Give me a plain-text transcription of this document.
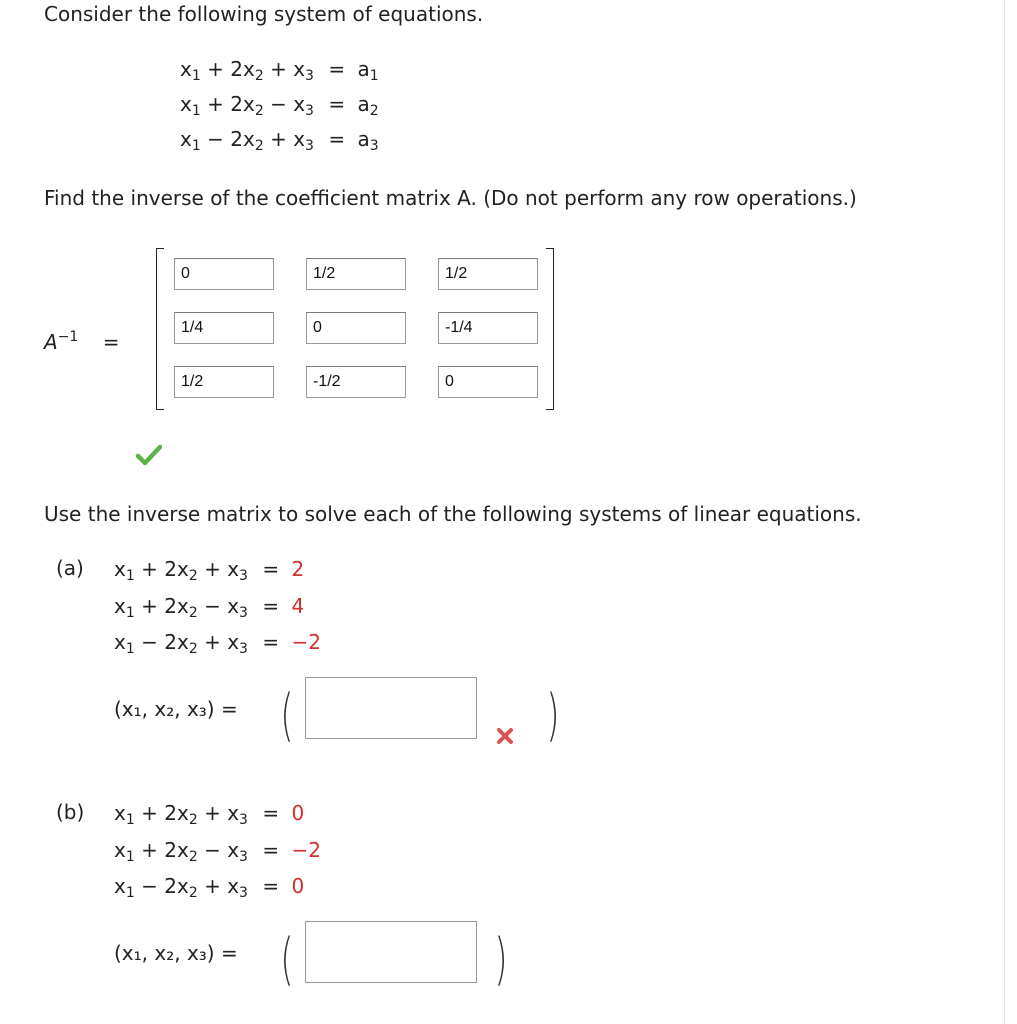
Consider the following system of equations.
$x_1 + 2x_2 + x_3 = a_1$
$x_1 + 2x_2 - x_3 = a_2$
$x_1 - 2x_2 + x_3 = a_3$
Find the inverse of the coefficient matrix A. (Do not perform any row operations.)
$A^{-1}$ =
0	1/2	1/2
1/4	0	-1/4
1/2	-1/2	0
Use the inverse matrix to solve each of the following systems of linear equations.
(a) $x_1 + 2x_2 + x_3 = 2$
$x_1 + 2x_2 - x_3 = 4$
$x_1 - 2x_2 + x_3 = -2$
(x₁, x₂, x₃) = (	)
(b) $x_1 + 2x_2 + x_3 = 0$
$x_1 + 2x_2 - x_3 = -2$
$x_1 - 2x_2 + x_3 = 0$
(x₁, x₂, x₃) = (	)
